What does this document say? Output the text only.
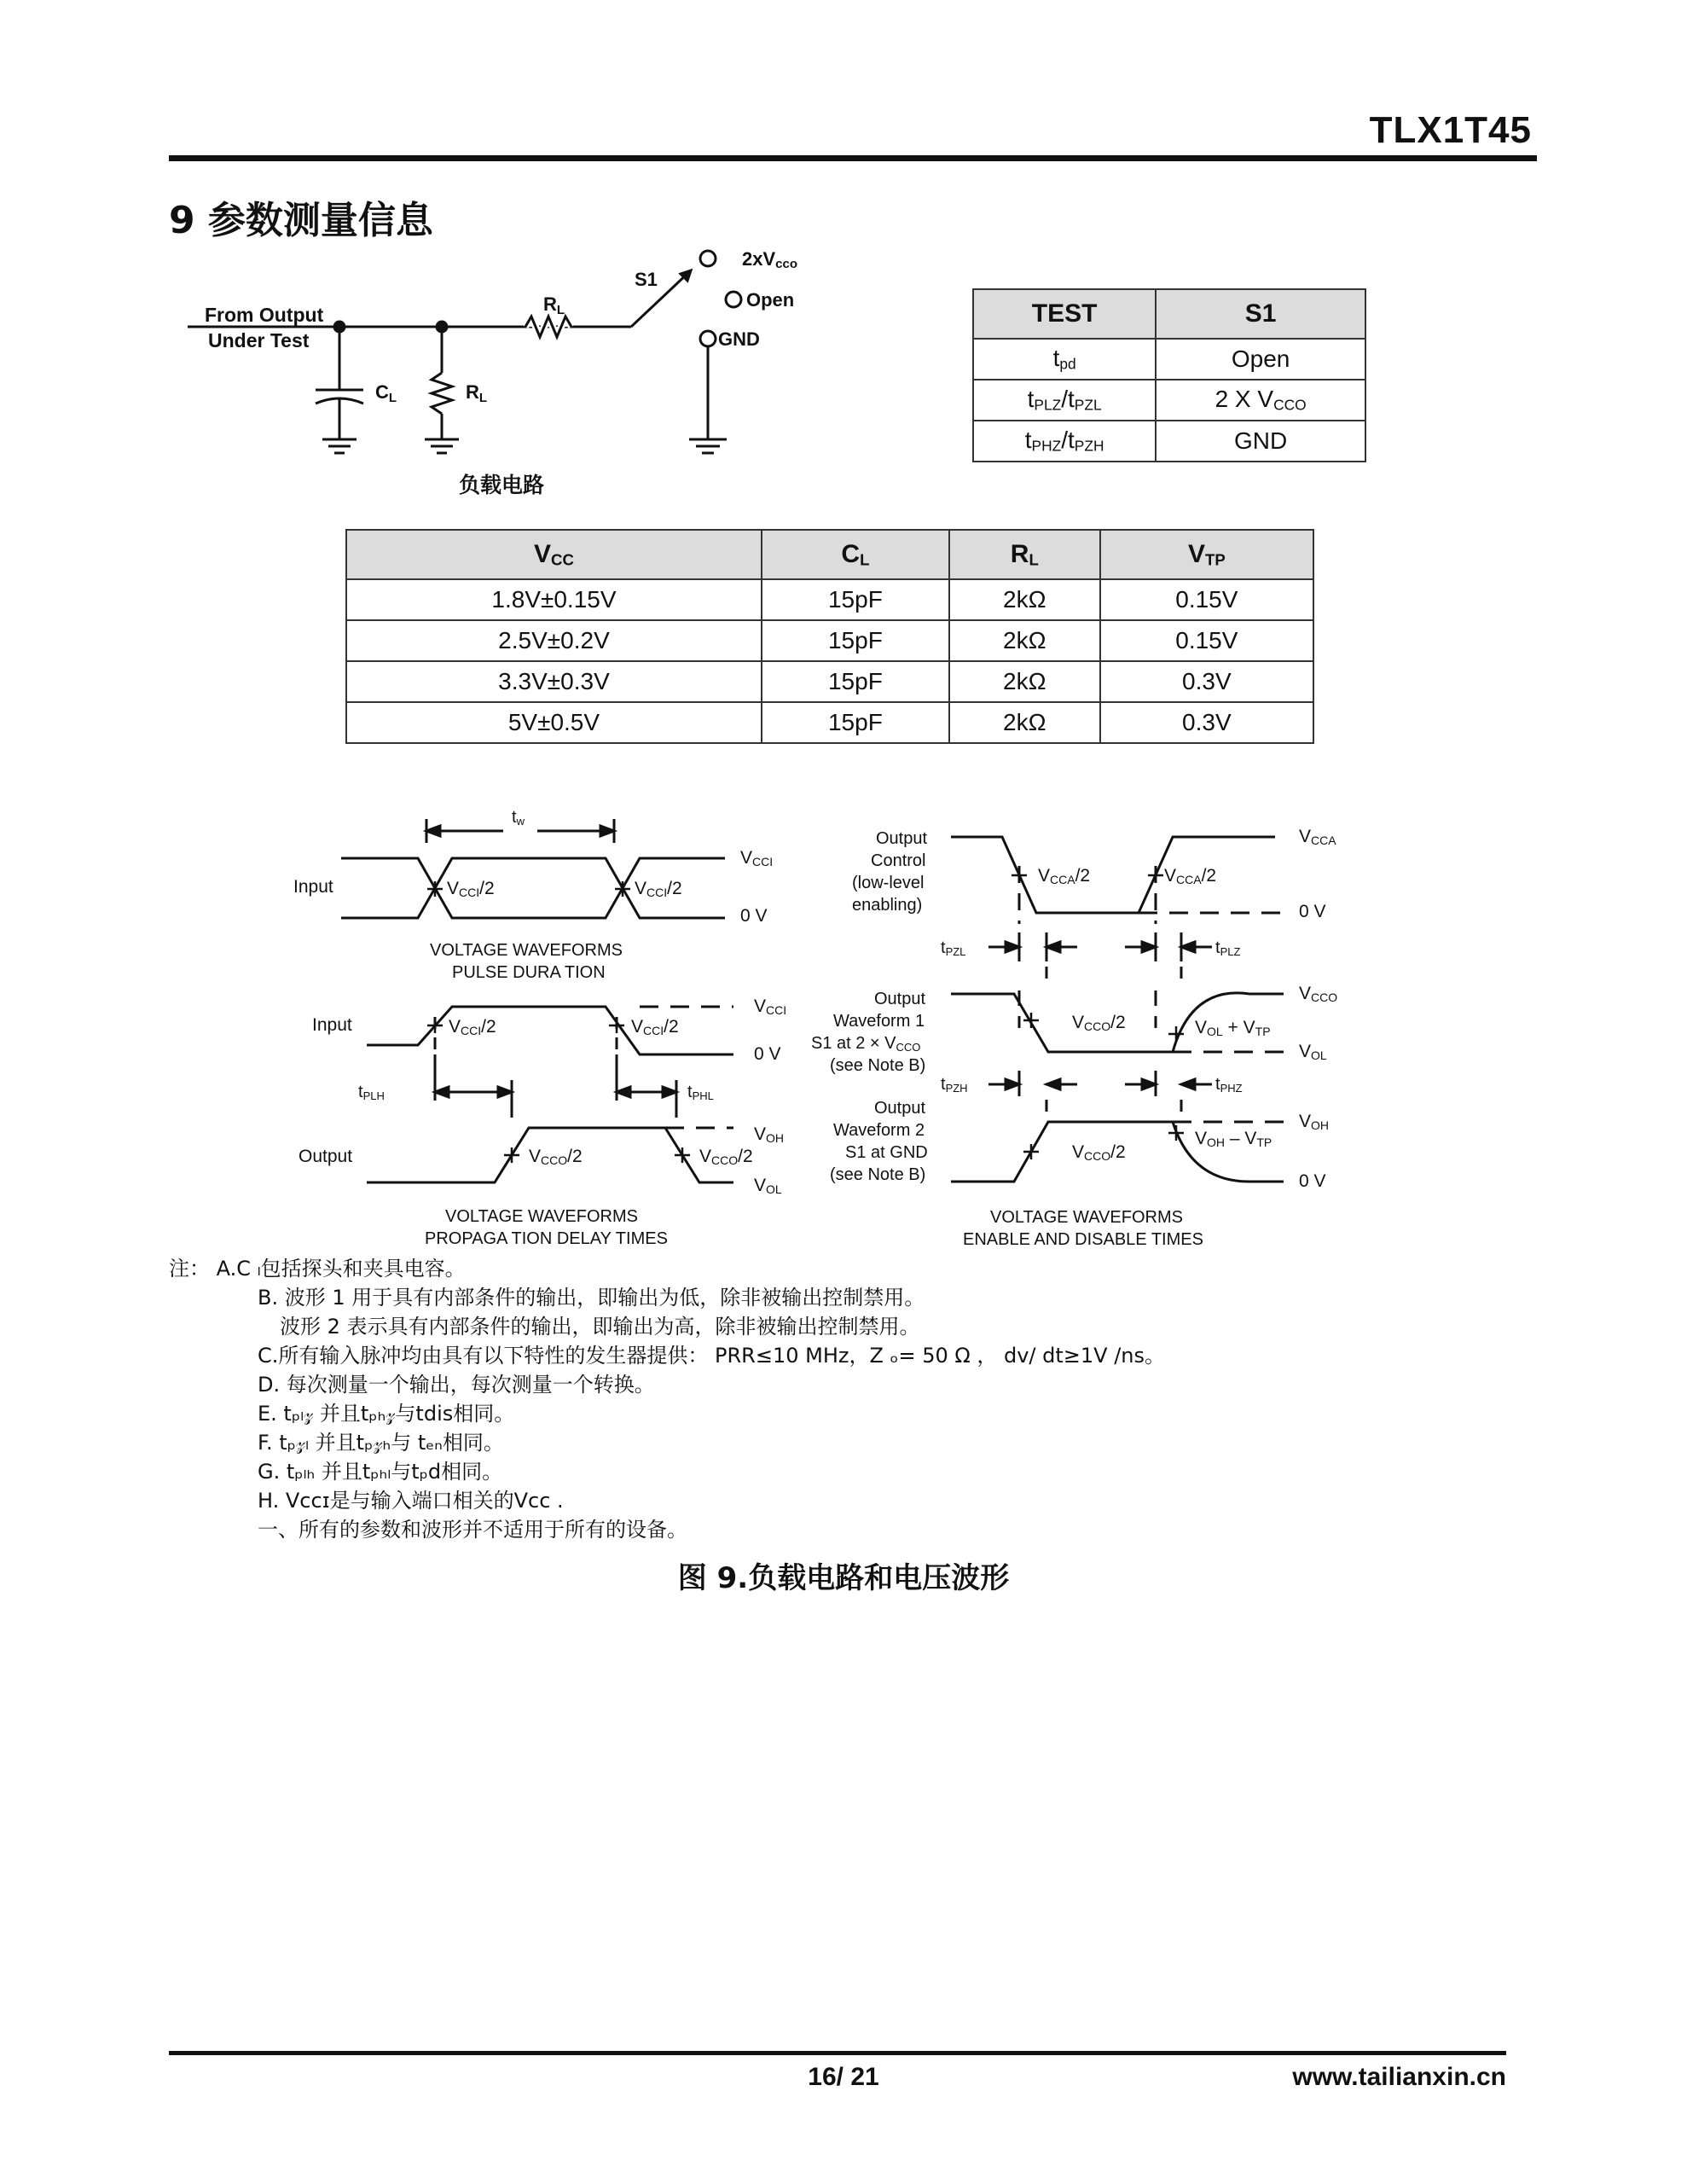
TLX1T45
9 参数测量信息
From Output
Under Test
RL
CL	RL
S1
2xVcco
Open
GND
负载电路
TEST	S1
$t_{pd}$	Open
$t_{PLZ}/t_{PZL}$	2 X $V_{CCO}$
$t_{PHZ}/t_{PZH}$	GND
$V_{CC}$	$C_L$	$R_L$	$V_{TP}$
1.8V±0.15V	15pF	2kΩ	0.15V
2.5V±0.2V	15pF	2kΩ	0.15V
3.3V±0.3V	15pF	2kΩ	0.3V
5V±0.5V	15pF	2kΩ	0.3V
tw
Input	VCCI/2	VCCI/2
VCCI
0 V
VOLTAGE WAVEFORMS
PULSE DURA TION
Input	VCCI/2	VCCI/2
VCCI
0 V
tPLH	tPHL
Output	VCCO/2	VCCO/2
VOH
VOL
VOLTAGE WAVEFORMS
PROPAGA TION DELAY TIMES
Output
Control
(low-level
enabling)
VCCA/2	VCCA/2
VCCA
0 V
tPZL	tPLZ
Output
Waveform 1
S1 at 2 × VCCO
(see Note B)
VCCO/2	VOL + VTP
VCCO
VOL
tPZH	tPHZ
Output
Waveform 2
S1 at GND
(see Note B)
VCCO/2
VOH – VTP
VOH
0 V
VOLTAGE WAVEFORMS
ENABLE AND DISABLE TIMES
注： A.C ₗ包括探头和夹具电容。
B. 波形 1 用于具有内部条件的输出，即输出为低，除非被输出控制禁用。
波形 2 表示具有内部条件的输出，即输出为高，除非被输出控制禁用。
C.所有输入脉冲均由具有以下特性的发生器提供： PRR≤10 MHz，Z ₒ= 50 Ω ， dv/ dt≥1V /ns。
D. 每次测量一个输出，每次测量一个转换。
E. tₚₗ𝓏 并且tₚₕ𝓏与tdis相同。
F. tₚ𝓏ₗ 并且tₚ𝓏ₕ与 tₑₙ相同。
G. tₚₗₕ 并且tₚₕₗ与tₚd相同。
H. Vccɪ是与输入端口相关的Vcc .
一、所有的参数和波形并不适用于所有的设备。
图 9.负载电路和电压波形
16/ 21	www.tailianxin.cn
